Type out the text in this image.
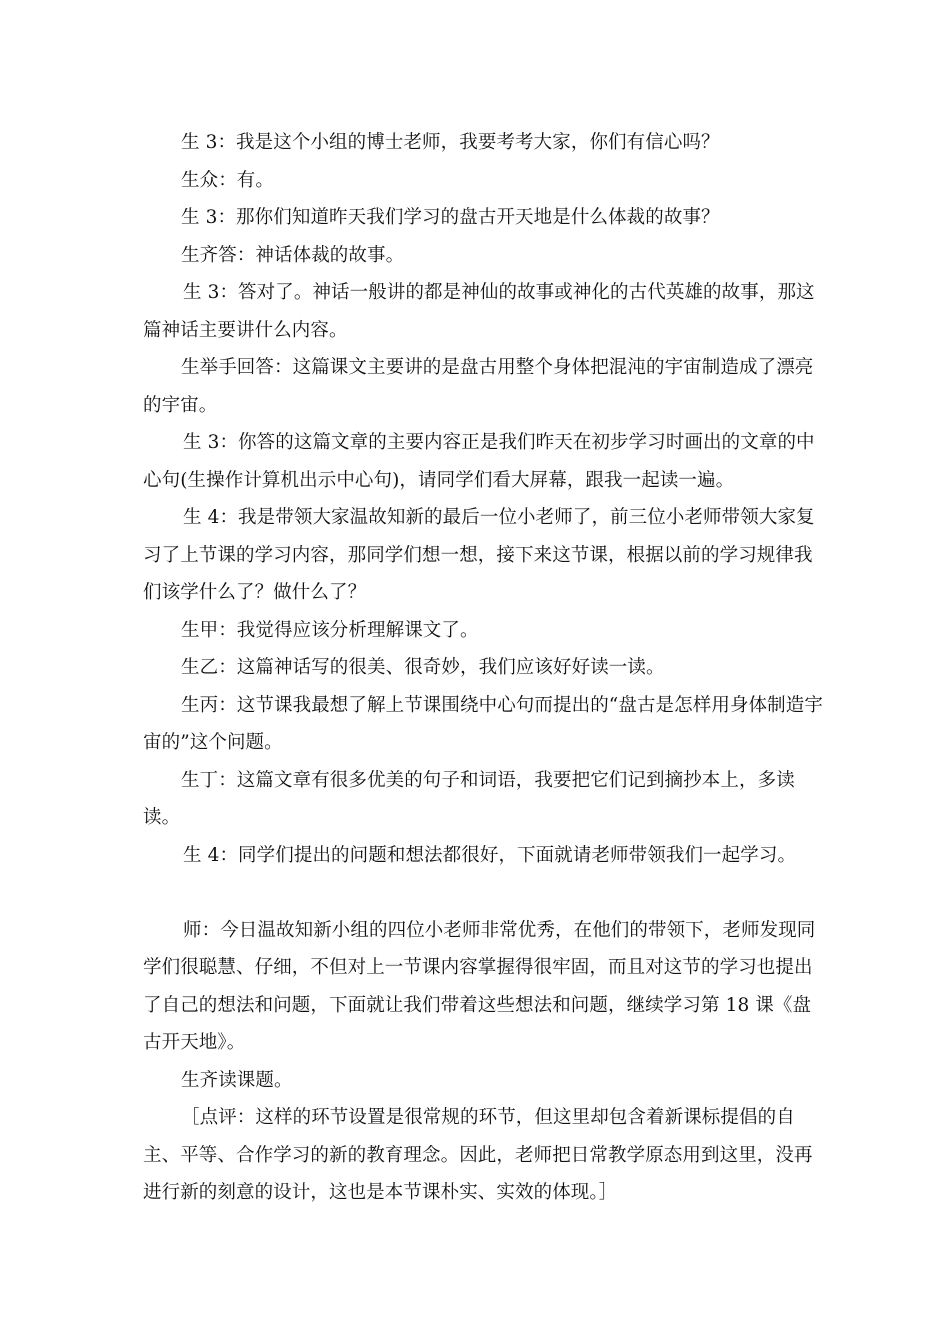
生 3：我是这个小组的博士老师，我要考考大家，你们有信心吗？

生众：有。

生 3：那你们知道昨天我们学习的盘古开天地是什么体裁的故事？

生齐答：神话体裁的故事。

生 3：答对了。神话一般讲的都是神仙的故事或神化的古代英雄的故事，那这篇神话主要讲什么内容。

生举手回答：这篇课文主要讲的是盘古用整个身体把混沌的宇宙制造成了漂亮的宇宙。

生 3：你答的这篇文章的主要内容正是我们昨天在初步学习时画出的文章的中心句(生操作计算机出示中心句)，请同学们看大屏幕，跟我一起读一遍。

生 4：我是带领大家温故知新的最后一位小老师了，前三位小老师带领大家复习了上节课的学习内容，那同学们想一想，接下来这节课，根据以前的学习规律我们该学什么了？做什么了？

生甲：我觉得应该分析理解课文了。

生乙：这篇神话写的很美、很奇妙，我们应该好好读一读。

生丙：这节课我最想了解上节课围绕中心句而提出的“盘古是怎样用身体制造宇宙的”这个问题。

生丁：这篇文章有很多优美的句子和词语，我要把它们记到摘抄本上，多读读。

生 4：同学们提出的问题和想法都很好，下面就请老师带领我们一起学习。

师：今日温故知新小组的四位小老师非常优秀，在他们的带领下，老师发现同学们很聪慧、仔细，不但对上一节课内容掌握得很牢固，而且对这节的学习也提出了自己的想法和问题，下面就让我们带着这些想法和问题，继续学习第 18 课《盘古开天地》。

生齐读课题。

［点评：这样的环节设置是很常规的环节，但这里却包含着新课标提倡的自主、平等、合作学习的新的教育理念。因此，老师把日常教学原态用到这里，没再进行新的刻意的设计，这也是本节课朴实、实效的体现。］
